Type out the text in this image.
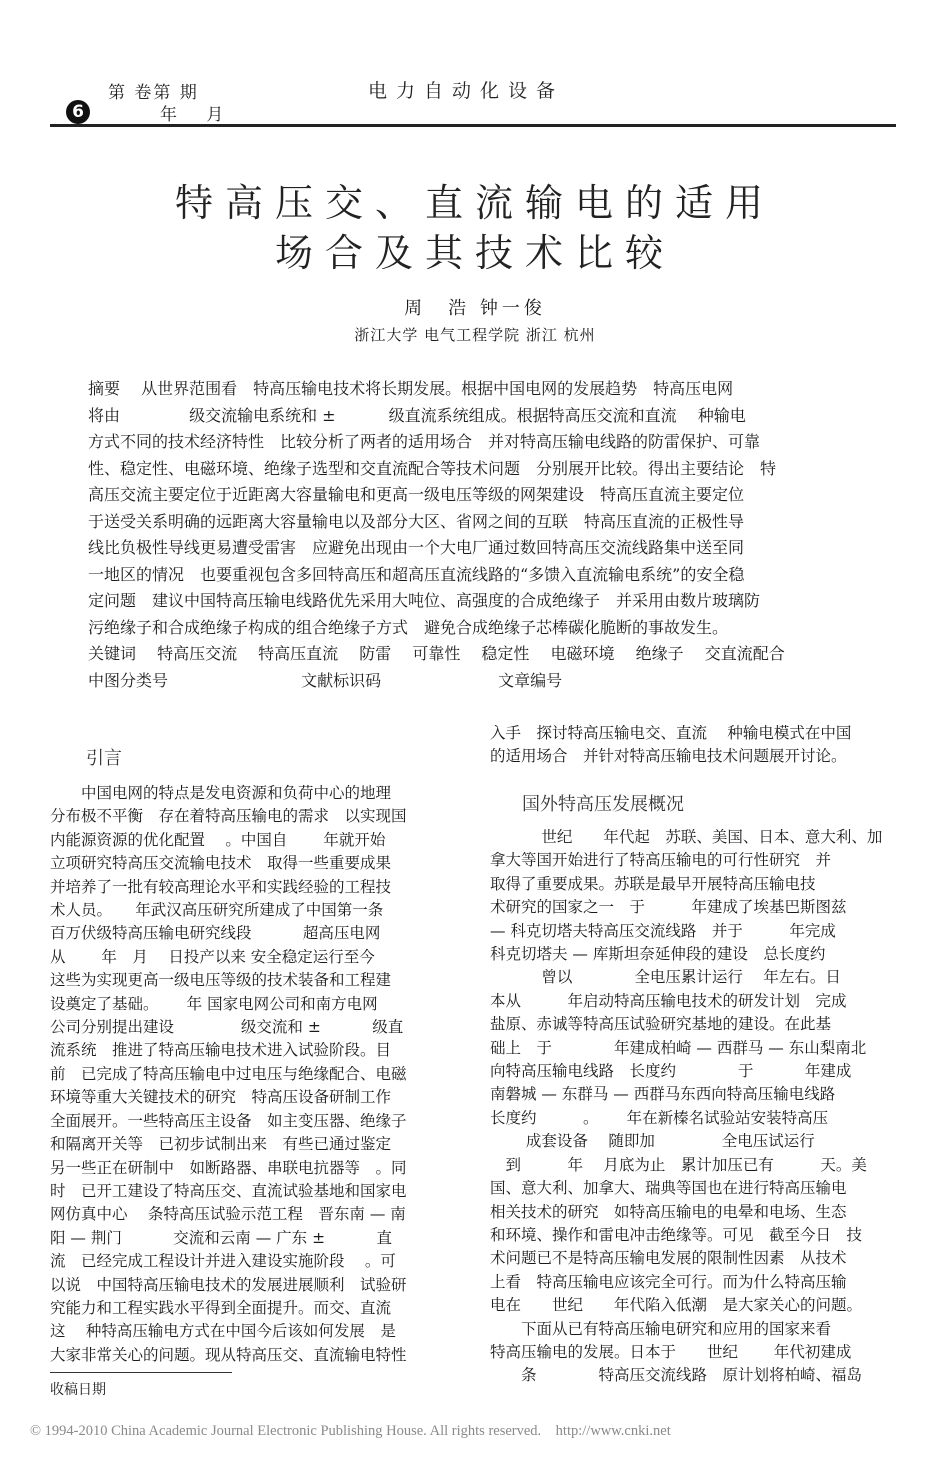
第 卷第 期
年 月
6
电力自动化设备
特高压交、直流输电的适用
场合及其技术比较
周　浩 钟一俊
浙江大学 电气工程学院 浙江 杭州
摘要　 从世界范围看　特高压输电技术将长期发展。根据中国电网的发展趋势　特高压电网
将由　　　　 级交流输电系统和 ±　　　 级直流系统组成。根据特高压交流和直流　 种输电
方式不同的技术经济特性　比较分析了两者的适用场合　并对特高压输电线路的防雷保护、可靠
性、稳定性、电磁环境、绝缘子选型和交直流配合等技术问题　分别展开比较。得出主要结论　特
高压交流主要定位于近距离大容量输电和更高一级电压等级的网架建设　特高压直流主要定位
于送受关系明确的远距离大容量输电以及部分大区、省网之间的互联　特高压直流的正极性导
线比负极性导线更易遭受雷害　应避免出现由一个大电厂通过数回特高压交流线路集中送至同
一地区的情况　也要重视包含多回特高压和超高压直流线路的“多馈入直流输电系统”的安全稳
定问题　建议中国特高压输电线路优先采用大吨位、高强度的合成绝缘子　并采用由数片玻璃防
污绝缘子和合成绝缘子构成的组合绝缘子方式　避免合成绝缘子芯棒碳化脆断的事故发生。
关键词　 特高压交流　 特高压直流　 防雷　 可靠性　 稳定性　 电磁环境　 绝缘子　 交直流配合
中图分类号　　　　　　　　 文献标识码　　　　　　　 文章编号
引言
　　中国电网的特点是发电资源和负荷中心的地理
分布极不平衡　存在着特高压输电的需求　以实现国
内能源资源的优化配置　 。中国自　　 年就开始
立项研究特高压交流输电技术　取得一些重要成果
并培养了一批有较高理论水平和实践经验的工程技
术人员。　　年武汉高压研究所建成了中国第一条
百万伏级特高压输电研究线段　　　 超高压电网
从　　 年　月　 日投产以来 安全稳定运行至今
这些为实现更高一级电压等级的技术装备和工程建
设奠定了基础。　　 年 国家电网公司和南方电网
公司分别提出建设　　　　 级交流和 ±　　　 级直
流系统　推进了特高压输电技术进入试验阶段。目
前　已完成了特高压输电中过电压与绝缘配合、电磁
环境等重大关键技术的研究　特高压设备研制工作
全面展开。一些特高压主设备　如主变压器、绝缘子
和隔离开关等　已初步试制出来　有些已通过鉴定
另一些正在研制中　如断路器、串联电抗器等　。同
时　已开工建设了特高压交、直流试验基地和国家电
网仿真中心　 条特高压试验示范工程　晋东南 — 南
阳 — 荆门　　　 交流和云南 — 广东 ±　　　 直
流　已经完成工程设计并进入建设实施阶段　 。可
以说　中国特高压输电技术的发展进展顺利　试验研
究能力和工程实践水平得到全面提升。而交、直流
这　 种特高压输电方式在中国今后该如何发展　是
大家非常关心的问题。现从特高压交、直流输电特性
收稿日期
入手　探讨特高压输电交、直流　 种输电模式在中国
的适用场合　并针对特高压输电技术问题展开讨论。
国外特高压发展概况
　　　 世纪　　年代起　苏联、美国、日本、意大利、加
拿大等国开始进行了特高压输电的可行性研究　并
取得了重要成果。苏联是最早开展特高压输电技
术研究的国家之一　于　　　年建成了埃基巴斯图兹
— 科克切塔夫特高压交流线路　并于　　　年完成
科克切塔夫 — 库斯坦奈延伸段的建设　总长度约
　　　 曾以　　　　全电压累计运行　 年左右。日
本从　　　年启动特高压输电技术的研发计划　完成
盐原、赤诚等特高压试验研究基地的建设。在此基
础上　于　　　　年建成柏崎 — 西群马 — 东山梨南北
向特高压输电线路　长度约　　　　于　　　 年建成
南磐城 — 东群马 — 西群马东西向特高压输电线路
长度约　　　。　　 年在新榛名试验站安装特高压
　　 成套设备　 随即加　　　　 全电压试运行
　到　　　年　 月底为止　累计加压已有　　　天。美
国、意大利、加拿大、瑞典等国也在进行特高压输电
相关技术的研究　如特高压输电的电晕和电场、生态
和环境、操作和雷电冲击绝缘等。可见　截至今日　技
术问题已不是特高压输电发展的限制性因素　从技术
上看　特高压输电应该完全可行。而为什么特高压输
电在　　世纪　　年代陷入低潮　是大家关心的问题。
　　下面从已有特高压输电研究和应用的国家来看
特高压输电的发展。日本于　　世纪　　 年代初建成
　　条　　　　特高压交流线路　原计划将柏崎、福岛
© 1994-2010 China Academic Journal Electronic Publishing House. All rights reserved.    http://www.cnki.net
